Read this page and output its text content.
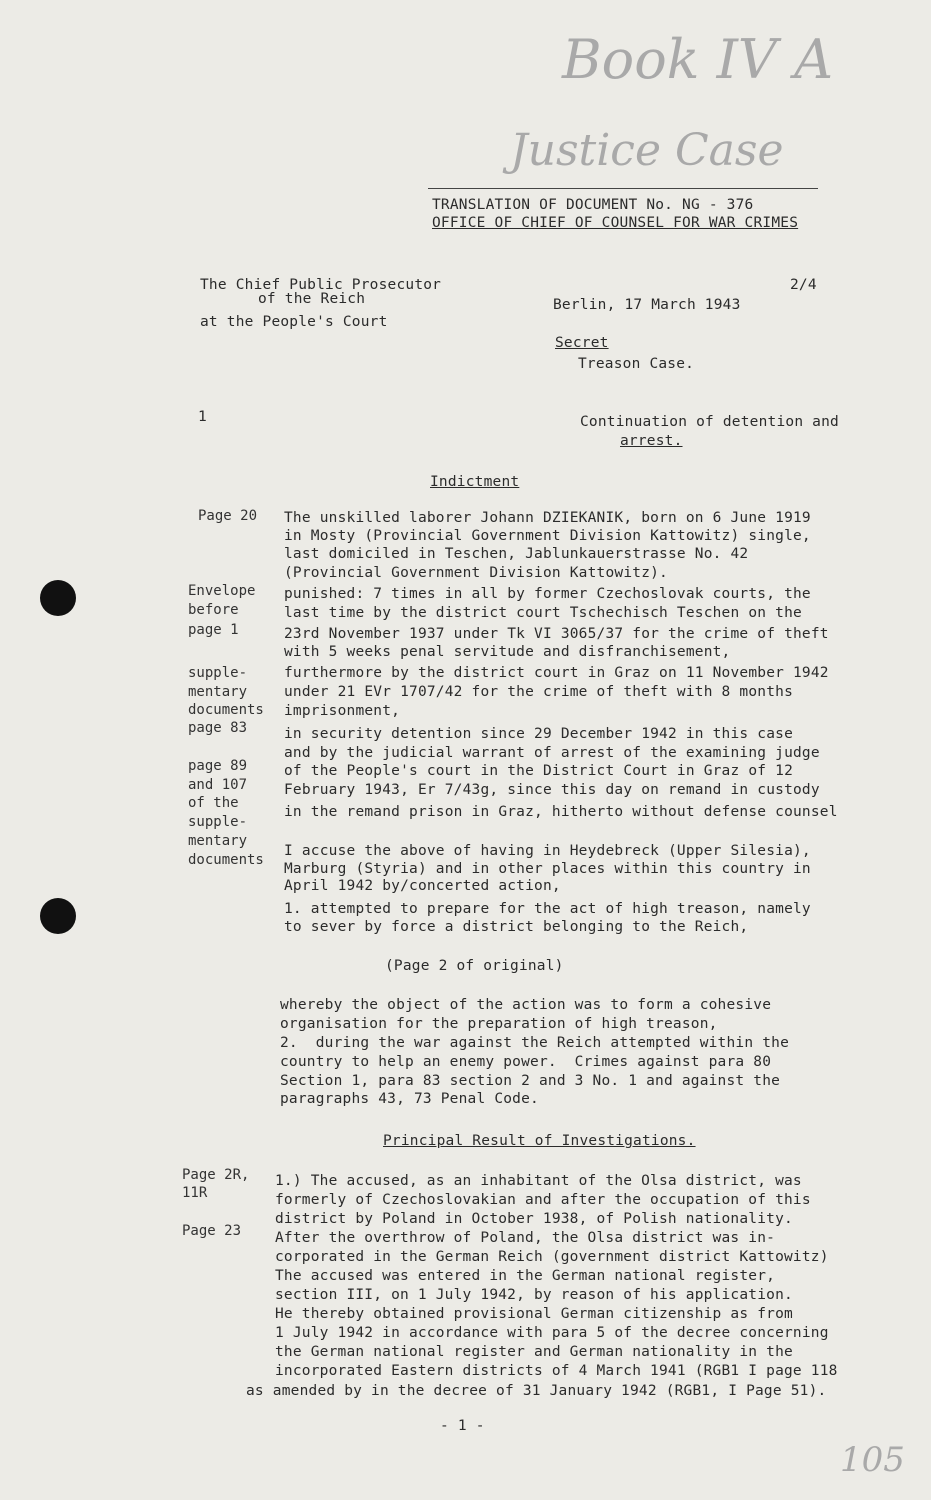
Book IV A
Justice Case
105
TRANSLATION OF DOCUMENT No. NG - 376
OFFICE OF CHIEF OF COUNSEL FOR WAR CRIMES
The Chief Public Prosecutor
of the Reich
at the People's Court
2/4
Berlin, 17 March 1943
Secret
Treason Case.
1	Continuation of detention and
arrest.
Indictment
Page 20
Envelope
before
page 1
supple-
mentary
documents
page 83
page 89
and 107
of the
supple-
mentary
documents
Page 2R,
11R
Page 23
The unskilled laborer Johann DZIEKANIK, born on 6 June 1919
in Mosty (Provincial Government Division Kattowitz) single,
last domiciled in Teschen, Jablunkauerstrasse No. 42
(Provincial Government Division Kattowitz).
punished: 7 times in all by former Czechoslovak courts, the
last time by the district court Tschechisch Teschen on the
23rd November 1937 under Tk VI 3065/37 for the crime of theft
with 5 weeks penal servitude and disfranchisement,
furthermore by the district court in Graz on 11 November 1942
under 21 EVr 1707/42 for the crime of theft with 8 months
imprisonment,
in security detention since 29 December 1942 in this case
and by the judicial warrant of arrest of the examining judge
of the People's court in the District Court in Graz of 12
February 1943, Er 7/43g, since this day on remand in custody
in the remand prison in Graz, hitherto without defense counsel
I accuse the above of having in Heydebreck (Upper Silesia),
Marburg (Styria) and in other places within this country in
April 1942 by/concerted action,
1. attempted to prepare for the act of high treason, namely
to sever by force a district belonging to the Reich,
(Page 2 of original)
whereby the object of the action was to form a cohesive
organisation for the preparation of high treason,
2.  during the war against the Reich attempted within the
country to help an enemy power.  Crimes against para 80
Section 1, para 83 section 2 and 3 No. 1 and against the
paragraphs 43, 73 Penal Code.
Principal Result of Investigations.
1.) The accused, as an inhabitant of the Olsa district, was
formerly of Czechoslovakian and after the occupation of this
district by Poland in October 1938, of Polish nationality.
After the overthrow of Poland, the Olsa district was in-
corporated in the German Reich (government district Kattowitz)
The accused was entered in the German national register,
section III, on 1 July 1942, by reason of his application.
He thereby obtained provisional German citizenship as from
1 July 1942 in accordance with para 5 of the decree concerning
the German national register and German nationality in the
incorporated Eastern districts of 4 March 1941 (RGB1 I page 118
as amended by in the decree of 31 January 1942 (RGB1, I Page 51).
- 1 -
